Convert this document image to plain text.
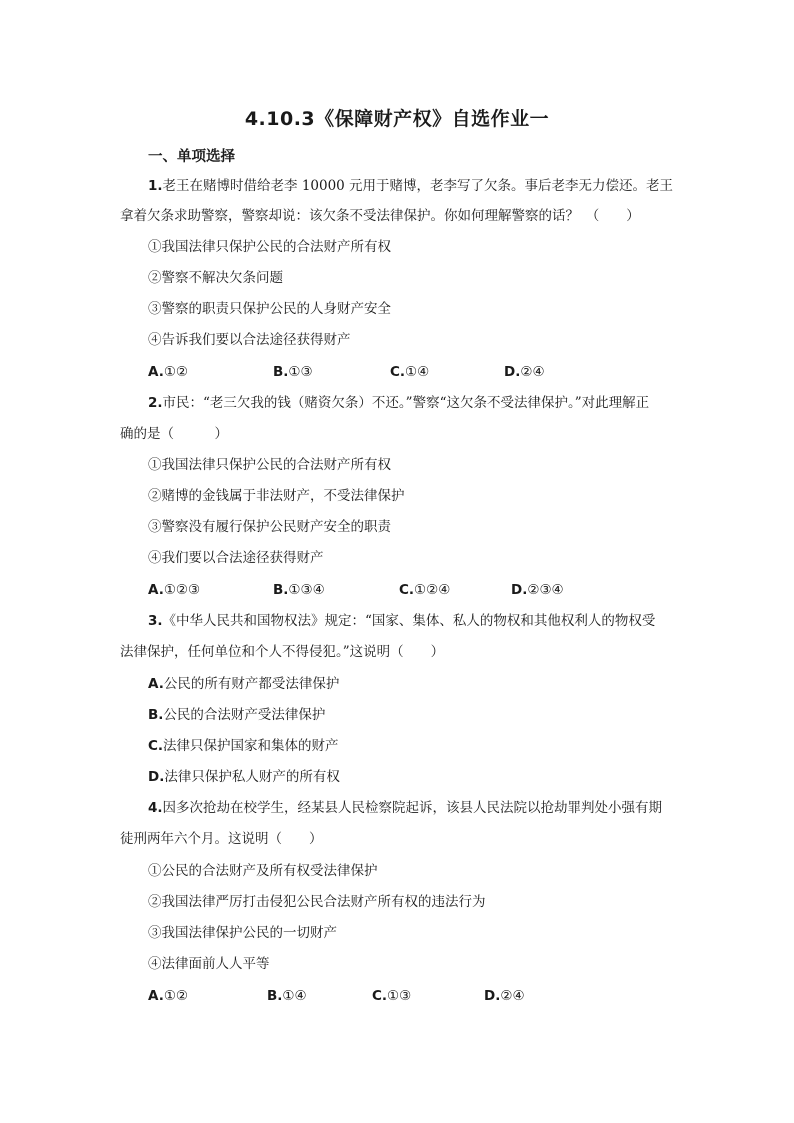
4.10.3《保障财产权》自选作业一
一、单项选择
1.老王在赌博时借给老李 10000 元用于赌博，老李写了欠条。事后老李无力偿还。老王
拿着欠条求助警察，警察却说：该欠条不受法律保护。你如何理解警察的话？　（　　）
①我国法律只保护公民的合法财产所有权
②警察不解决欠条问题
③警察的职责只保护公民的人身财产安全
④告诉我们要以合法途径获得财产
A.①②	B.①③	C.①④	D.②④
2.市民：“老三欠我的钱（赌资欠条）不还。”警察“这欠条不受法律保护。”对此理解正
确的是（　　　）
①我国法律只保护公民的合法财产所有权
②赌博的金钱属于非法财产，不受法律保护
③警察没有履行保护公民财产安全的职责
④我们要以合法途径获得财产
A.①②③	B.①③④	C.①②④	D.②③④
3.《中华人民共和国物权法》规定：“国家、集体、私人的物权和其他权利人的物权受
法律保护，任何单位和个人不得侵犯。”这说明（　　）
A.公民的所有财产都受法律保护
B.公民的合法财产受法律保护
C.法律只保护国家和集体的财产
D.法律只保护私人财产的所有权
4.因多次抢劫在校学生，经某县人民检察院起诉，该县人民法院以抢劫罪判处小强有期
徒刑两年六个月。这说明（　　）
①公民的合法财产及所有权受法律保护
②我国法律严厉打击侵犯公民合法财产所有权的违法行为
③我国法律保护公民的一切财产
④法律面前人人平等
A.①②	B.①④	C.①③	D.②④
